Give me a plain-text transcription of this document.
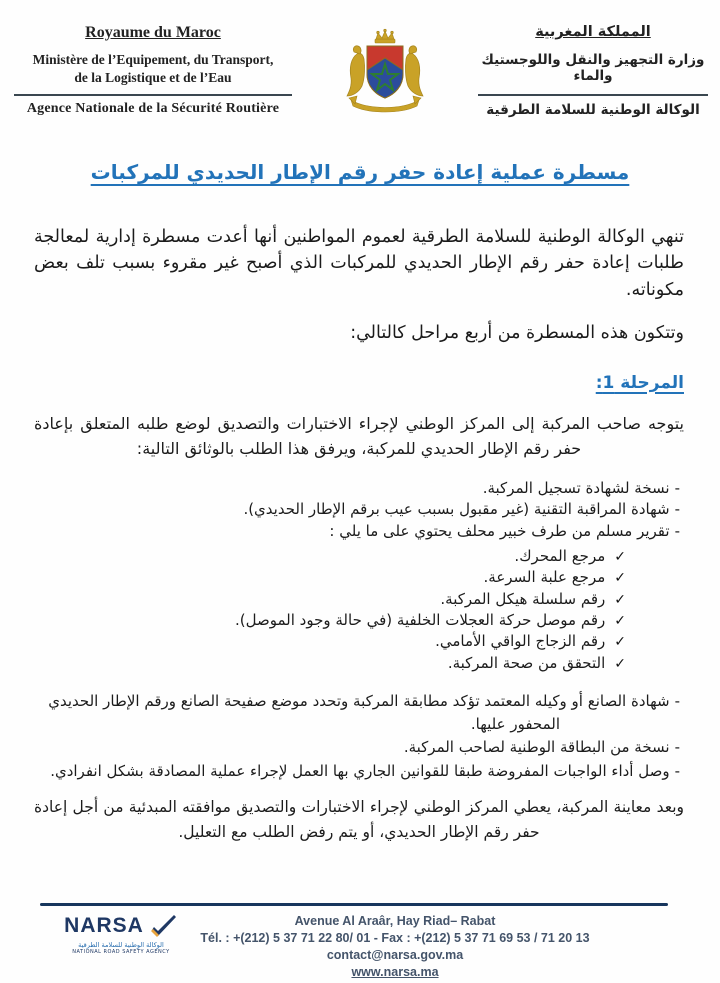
Royaume du Maroc
Ministère de l’Equipement, du Transport,
de la Logistique et de l’Eau
Agence Nationale de la Sécurité Routière
المملكة المغربية
وزارة التجهيز والنقل واللوجستيك والماء
الوكالة الوطنية للسلامة الطرقية
مسطرة عملية إعادة حفر رقم الإطار الحديدي للمركبات

تنهي الوكالة الوطنية للسلامة الطرقية لعموم المواطنين أنها أعدت مسطرة إدارية لمعالجة طلبات إعادة حفر رقم الإطار الحديدي للمركبات الذي أصبح غير مقروء بسبب تلف بعض مكوناته.

وتتكون هذه المسطرة من أربع مراحل كالتالي:

المرحلة 1:

يتوجه صاحب المركبة إلى المركز الوطني لإجراء الاختبارات والتصديق لوضع طلبه المتعلق بإعادة حفر رقم الإطار الحديدي للمركبة، ويرفق هذا الطلب بالوثائق التالية:

-نسخة لشهادة تسجيل المركبة.
-شهادة المراقبة التقنية (غير مقبول بسبب عيب برقم الإطار الحديدي).
-تقرير مسلم من طرف خبير محلف يحتوي على ما يلي :
✓مرجع المحرك.
✓مرجع علبة السرعة.
✓رقم سلسلة هيكل المركبة.
✓رقم موصل حركة العجلات الخلفية (في حالة وجود الموصل).
✓رقم الزجاج الواقي الأمامي.
✓التحقق من صحة المركبة.
-شهادة الصانع أو وكيله المعتمد تؤكد مطابقة المركبة وتحدد موضع صفيحة الصانع ورقم الإطار الحديدي المحفور عليها.
-نسخة من البطاقة الوطنية لصاحب المركبة.
-وصل أداء الواجبات المفروضة طبقا للقوانين الجاري بها العمل لإجراء عملية المصادقة بشكل انفرادي.

وبعد معاينة المركبة، يعطي المركز الوطني لإجراء الاختبارات والتصديق موافقته المبدئية من أجل إعادة حفر رقم الإطار الحديدي، أو يتم رفض الطلب مع التعليل.

NARSA
الوكالة الوطنية للسلامة الطرقية
NATIONAL ROAD SAFETY AGENCY
Avenue Al Araâr, Hay Riad– Rabat
Tél. : +(212) 5 37 71 22 80/ 01 - Fax : +(212) 5 37 71 69 53 / 71 20 13
contact@narsa.gov.ma
www.narsa.ma
